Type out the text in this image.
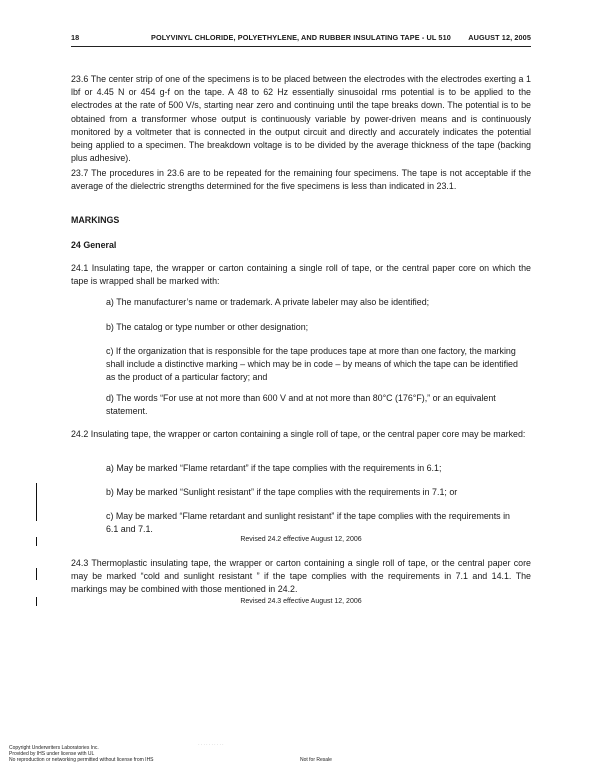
18	POLYVINYL CHLORIDE, POLYETHYLENE, AND RUBBER INSULATING TAPE - UL 510 AUGUST 12, 2005
23.6 The center strip of one of the specimens is to be placed between the electrodes with the electrodes exerting a 1 lbf or 4.45 N or 454 g-f on the tape. A 48 to 62 Hz essentially sinusoidal rms potential is to be applied to the electrodes at the rate of 500 V/s, starting near zero and continuing until the tape breaks down. The potential is to be obtained from a transformer whose output is continuously variable by power-driven means and is continuously monitored by a voltmeter that is connected in the output circuit and directly and accurately indicates the potential being applied to a specimen. The breakdown voltage is to be divided by the average thickness of the tape (backing plus adhesive).
23.7 The procedures in 23.6 are to be repeated for the remaining four specimens. The tape is not acceptable if the average of the dielectric strengths determined for the five specimens is less than indicated in 23.1.
MARKINGS
24 General
24.1 Insulating tape, the wrapper or carton containing a single roll of tape, or the central paper core on which the tape is wrapped shall be marked with:
a) The manufacturer’s name or trademark. A private labeler may also be identified;
b) The catalog or type number or other designation;
c) If the organization that is responsible for the tape produces tape at more than one factory, the marking shall include a distinctive marking – which may be in code – by means of which the tape can be identified as the product of a particular factory; and
d) The words “For use at not more than 600 V and at not more than 80°C (176°F),” or an equivalent statement.
24.2 Insulating tape, the wrapper or carton containing a single roll of tape, or the central paper core may be marked:
a) May be marked “Flame retardant” if the tape complies with the requirements in 6.1;
b) May be marked “Sunlight resistant” if the tape complies with the requirements in 7.1; or
c) May be marked “Flame retardant and sunlight resistant” if the tape complies with the requirements in 6.1 and 7.1.
Revised 24.2 effective August 12, 2006
24.3 Thermoplastic insulating tape, the wrapper or carton containing a single roll of tape, or the central paper core may be marked “cold and sunlight resistant ” if the tape complies with the requirements in 7.1 and 14.1. The markings may be combined with those mentioned in 24.2.
Revised 24.3 effective August 12, 2006
··········
Copyright Underwriters Laboratories Inc.
Provided by IHS under license with UL
No reproduction or networking permitted without license from IHS	Not for Resale
